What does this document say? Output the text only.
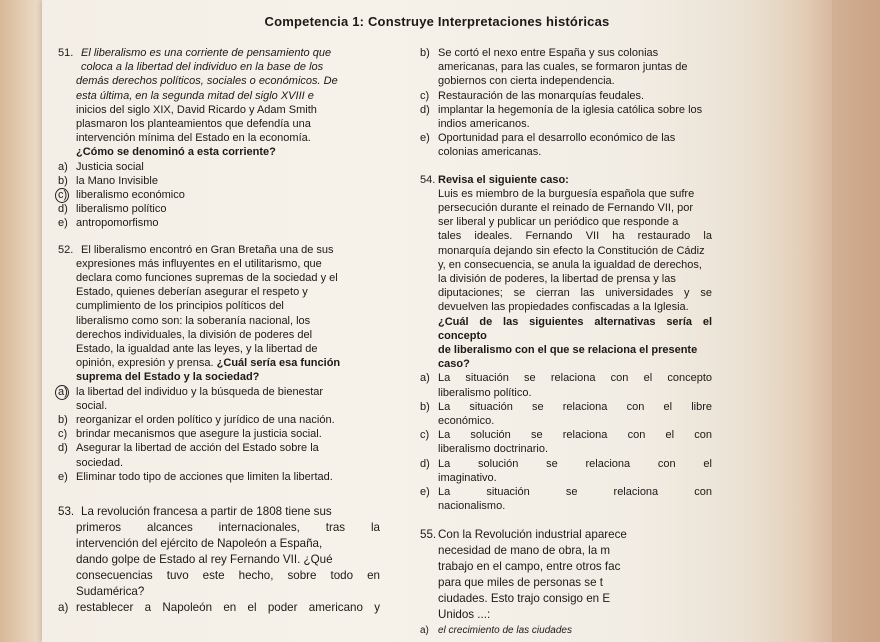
Competencia 1: Construye Interpretaciones históricas
51. El liberalismo es una corriente de pensamiento que
coloca a la libertad del individuo en la base de los
demás derechos políticos, sociales o económicos. De
esta última, en la segunda mitad del siglo XVIII e
inicios del siglo XIX, David Ricardo y Adam Smith
plasmaron los planteamientos que defendía una
intervención mínima del Estado en la economía.
¿Cómo se denominó a esta corriente?
a) Justicia social
b) la Mano Invisible
c) liberalismo económico
d) liberalismo político
e) antropomorfismo
52. El liberalismo encontró en Gran Bretaña una de sus
expresiones más influyentes en el utilitarismo, que
declara como funciones supremas de la sociedad y el
Estado, quienes deberían asegurar el respeto y
cumplimiento de los principios políticos del
liberalismo como son: la soberanía nacional, los
derechos individuales, la división de poderes del
Estado, la igualdad ante las leyes, y la libertad de
opinión, expresión y prensa. ¿Cuál sería esa función
suprema del Estado y la sociedad?
a) la libertad del individuo y la búsqueda de bienestar
social.
b) reorganizar el orden político y jurídico de una nación.
c) brindar mecanismos que asegure la justicia social.
d) Asegurar la libertad de acción del Estado sobre la
sociedad.
e) Eliminar todo tipo de acciones que limiten la libertad.
53. La revolución francesa a partir de 1808 tiene sus
primeros alcances internacionales, tras la
intervención del ejército de Napoleón a España,
dando golpe de Estado al rey Fernando VII. ¿Qué
consecuencias tuvo este hecho, sobre todo en
Sudamérica?
a) restablecer a Napoleón en el poder americano y
b) Se cortó el nexo entre España y sus colonias
americanas, para las cuales, se formaron juntas de
gobiernos con cierta independencia.
c) Restauración de las monarquías feudales.
d) implantar la hegemonía de la iglesia católica sobre los
indios americanos.
e) Oportunidad para el desarrollo económico de las
colonias americanas.
54. Revisa el siguiente caso:
Luis es miembro de la burguesía española que sufre
persecución durante el reinado de Fernando VII, por
ser liberal y publicar un periódico que responde a
tales ideales. Fernando VII ha restaurado la
monarquía dejando sin efecto la Constitución de Cádiz
y, en consecuencia, se anula la igualdad de derechos,
la división de poderes, la libertad de prensa y las
diputaciones; se cierran las universidades y se
devuelven las propiedades confiscadas a la Iglesia.
¿Cuál de las siguientes alternativas sería el concepto
de liberalismo con el que se relaciona el presente
caso?
a) La situación se relaciona con el concepto
liberalismo político.
b) La situación se relaciona con el libre
económico.
c) La solución se relaciona con el con
liberalismo doctrinario.
d) La solución se relaciona con el
imaginativo.
e) La situación se relaciona con
nacionalismo.
55. Con la Revolución industrial aparece
necesidad de mano de obra, la m
trabajo en el campo, entre otros fac
para que miles de personas se t
ciudades. Esto trajo consigo en E
Unidos ...:
a) el crecimiento de las ciudades
